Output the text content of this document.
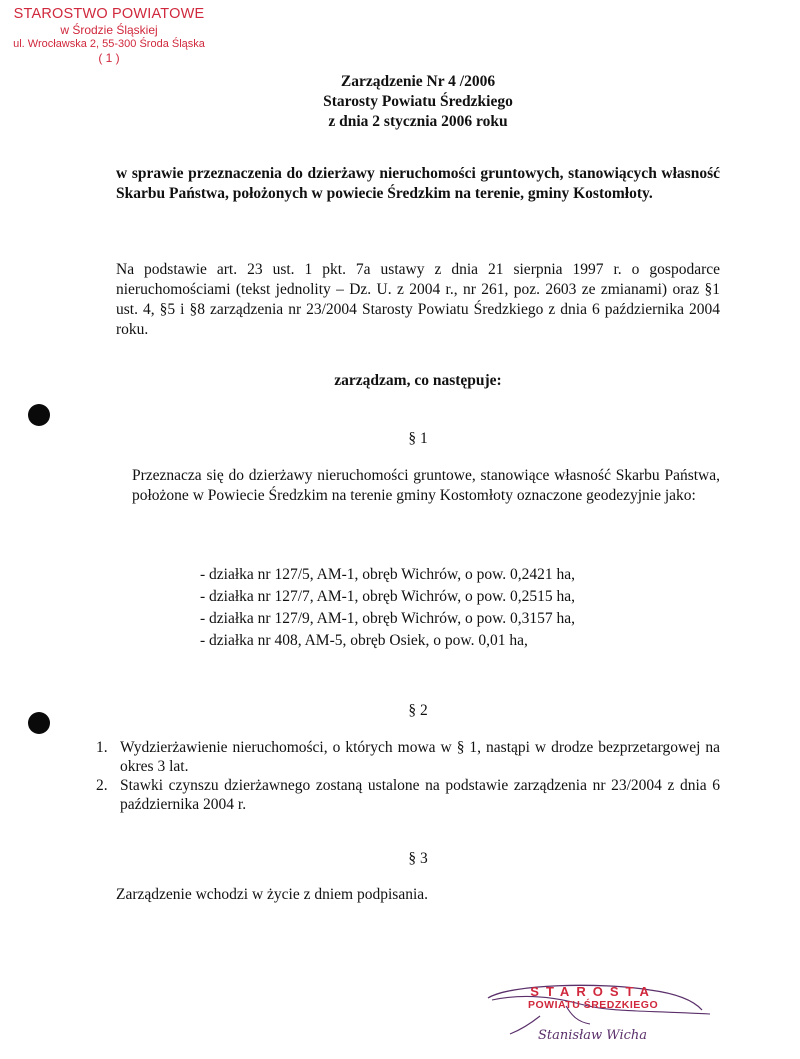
STAROSTWO POWIATOWE
w Środzie Śląskiej
ul. Wrocławska 2, 55-300 Środa Śląska
( 1 )
Zarządzenie Nr 4 /2006
Starosty Powiatu Średzkiego
z dnia 2 stycznia 2006 roku
w sprawie przeznaczenia do dzierżawy nieruchomości gruntowych, stanowiących własność Skarbu Państwa, położonych w powiecie Średzkim na terenie, gminy Kostomłoty.
Na podstawie art. 23 ust. 1 pkt. 7a ustawy z dnia 21 sierpnia 1997 r. o gospodarce nieruchomościami (tekst jednolity – Dz. U. z 2004 r., nr 261, poz. 2603 ze zmianami) oraz §1 ust. 4, §5 i §8 zarządzenia nr 23/2004 Starosty Powiatu Średzkiego z dnia 6 października 2004 roku.
zarządzam, co następuje:
§ 1
Przeznacza się do dzierżawy nieruchomości gruntowe, stanowiące własność Skarbu Państwa, położone w Powiecie Średzkim na terenie gminy Kostomłoty oznaczone geodezyjnie jako:
- działka nr 127/5, AM-1, obręb Wichrów, o pow. 0,2421 ha,
- działka nr 127/7, AM-1, obręb Wichrów, o pow. 0,2515 ha,
- działka nr 127/9, AM-1, obręb Wichrów, o pow. 0,3157 ha,
- działka nr 408, AM-5, obręb Osiek, o pow. 0,01 ha,
§ 2
1. Wydzierżawienie nieruchomości, o których mowa w § 1, nastąpi w drodze bezprzetargowej na okres 3 lat.
2. Stawki czynszu dzierżawnego zostaną ustalone na podstawie zarządzenia nr 23/2004 z dnia 6 października 2004 r.
§ 3
Zarządzenie wchodzi w życie z dniem podpisania.
STAROSTA
POWIATU ŚREDZKIEGO
Stanisław Wicha
